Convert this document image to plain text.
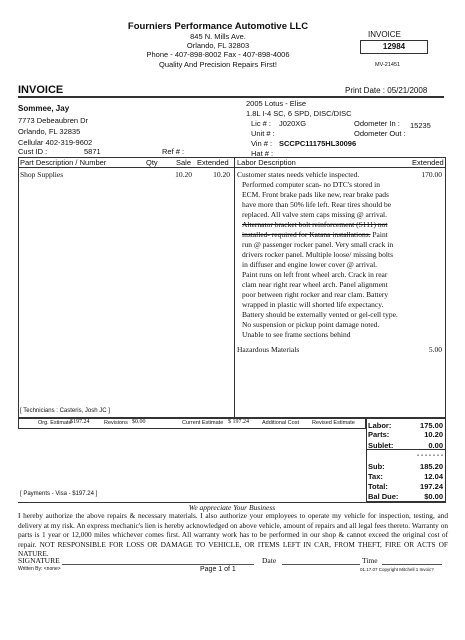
Fourniers Performance Automotive LLC
845 N. Mills Ave.
Orlando, FL 32803
Phone - 407-898-8002 Fax - 407-898-4006
Quality And Precision Repairs First!
INVOICE
12984
MV-21451
INVOICE	Print Date : 05/21/2008
Sommee, Jay
7773 Debeaubren Dr
Orlando, FL 32835
Cellular 402-319-9602
Cust ID :	5871	Ref # :
2005 Lotus - Elise
1.8L I-4 SC, 6 SPD, DISC/DISC
Lic # : J020XG	Odometer In : 15235
Unit # :	Odometer Out :
Vin # : SCCPC11175HL30096
Hat # :
Part Description / Number	Qty Sale Extended Labor Description	Extended
Shop Supplies	10.20	10.20 Customer states needs vehicle inspected.	170.00
Performed computer scan- no DTC's stored in
ECM. Front brake pads like new, rear brake pads
have more than 50% life left. Rear tires should be
replaced. All valve stem caps missing @ arrival.
Alternator bracket bolt reinforcement (S111) not
installed- required for Katana installations. Paint
run @ passenger rocker panel. Very small crack in
drivers rocker panel. Multiple loose/ missing bolts
in diffuser and engine lower cover @ arrival.
Paint runs on left front wheel arch. Crack in rear
clam near right rear wheel arch. Panel alignment
poor between right rocker and rear clam. Battery
wrapped in plastic will shorted life expectancy.
Battery should be externally vented or gel-cell type.
No suspension or pickup point damage noted.
Unable to see frame sections behind
Hazardous Materials	5.00
[ Technicians : Casteris, Josh JC ]
Org. Estimate
$197.24	Revisions $0.00	Current Estimate $ 197.24 Additional Cost Revised Estimate
[ Payments - Visa - $197.24 ]
Labor:	175.00
Parts:	10.20
Sublet:	0.00
- - - - - - -
Sub:	185.20
Tax:	12.04
Total:	197.24
Bal Due:	$0.00
We appreciate Your Business
I hereby authorize the above repairs & necessary materials. I also authorize your employees to operate my vehicle for inspection, testing, and delivery at my risk. An express mechanic's lien is hereby acknowledged on above vehicle, amount of repairs and all legal fees thereto. Warranty on parts is 1 year or 12,000 miles whichever comes first. All warranty work has to be performed in our shop & cannot exceed the original cost of repair. NOT RESPONSIBLE FOR LOSS OR DAMAGE TO VEHICLE, OR ITEMS LEFT IN CAR, FROM THEFT, FIRE OR ACTS OF NATURE.
SIGNATURE	Date	Time
Written By: <none>	Page 1 of 1	01.17.07 Copyright Mitchell 1 Invoic?
